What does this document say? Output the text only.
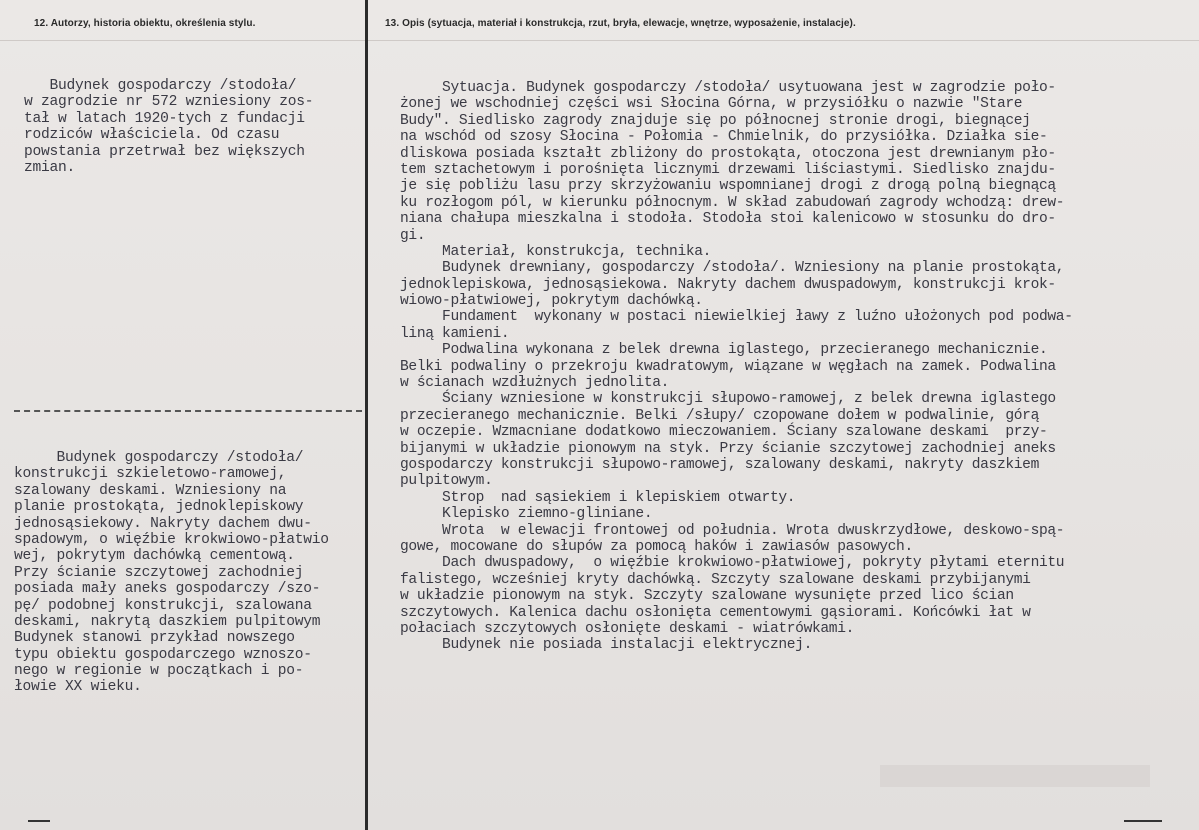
12. Autorzy, historia obiektu, określenia stylu.	13. Opis (sytuacja, materiał i konstrukcja, rzut, bryła, elewacje, wnętrze, wyposażenie, instalacje).
Budynek gospodarczy /stodoła/
w zagrodzie nr 572 wzniesiony zos-
tał w latach 1920-tych z fundacji
rodziców właściciela. Od czasu
powstania przetrwał bez większych
zmian.
Budynek gospodarczy /stodoła/
konstrukcji szkieletowo-ramowej,
szalowany deskami. Wzniesiony na
planie prostokąta, jednoklepiskowy
jednosąsiekowy. Nakryty dachem dwu-
spadowym, o więźbie krokwiowo-płatwio
wej, pokrytym dachówką cementową.
Przy ścianie szczytowej zachodniej
posiada mały aneks gospodarczy /szo-
pę/ podobnej konstrukcji, szalowana
deskami, nakrytą daszkiem pulpitowym
Budynek stanowi przykład nowszego
typu obiektu gospodarczego wznoszo-
nego w regionie w początkach i po-
łowie XX wieku.
Sytuacja. Budynek gospodarczy /stodoła/ usytuowana jest w zagrodzie poło-
żonej we wschodniej części wsi Słocina Górna, w przysiółku o nazwie "Stare
Budy". Siedlisko zagrody znajduje się po północnej stronie drogi, biegnącej
na wschód od szosy Słocina - Połomia - Chmielnik, do przysiółka. Działka sie-
dliskowa posiada kształt zbliżony do prostokąta, otoczona jest drewnianym pło-
tem sztachetowym i porośnięta licznymi drzewami liściastymi. Siedlisko znajdu-
je się pobliżu lasu przy skrzyżowaniu wspomnianej drogi z drogą polną biegnącą
ku rozłogom pól, w kierunku północnym. W skład zabudowań zagrody wchodzą: drew-
niana chałupa mieszkalna i stodoła. Stodoła stoi kalenicowo w stosunku do dro-
gi.
Materiał, konstrukcja, technika.
Budynek drewniany, gospodarczy /stodoła/. Wzniesiony na planie prostokąta,
jednoklepiskowa, jednosąsiekowa. Nakryty dachem dwuspadowym, konstrukcji krok-
wiowo-płatwiowej, pokrytym dachówką.
Fundament  wykonany w postaci niewielkiej ławy z luźno ułożonych pod podwa-
liną kamieni.
Podwalina wykonana z belek drewna iglastego, przecieranego mechanicznie.
Belki podwaliny o przekroju kwadratowym, wiązane w węgłach na zamek. Podwalina
w ścianach wzdłużnych jednolita.
Ściany wzniesione w konstrukcji słupowo-ramowej, z belek drewna iglastego
przecieranego mechanicznie. Belki /słupy/ czopowane dołem w podwalinie, górą
w oczepie. Wzmacniane dodatkowo mieczowaniem. Ściany szalowane deskami  przy-
bijanymi w układzie pionowym na styk. Przy ścianie szczytowej zachodniej aneks
gospodarczy konstrukcji słupowo-ramowej, szalowany deskami, nakryty daszkiem
pulpitowym.
Strop  nad sąsiekiem i klepiskiem otwarty.
Klepisko ziemno-gliniane.
Wrota  w elewacji frontowej od południa. Wrota dwuskrzydłowe, deskowo-spą-
gowe, mocowane do słupów za pomocą haków i zawiasów pasowych.
Dach dwuspadowy,  o więźbie krokwiowo-płatwiowej, pokryty płytami eternitu
falistego, wcześniej kryty dachówką. Szczyty szalowane deskami przybijanymi
w układzie pionowym na styk. Szczyty szalowane wysunięte przed lico ścian
szczytowych. Kalenica dachu osłonięta cementowymi gąsiorami. Końcówki łat w
połaciach szczytowych osłonięte deskami - wiatrówkami.
Budynek nie posiada instalacji elektrycznej.
